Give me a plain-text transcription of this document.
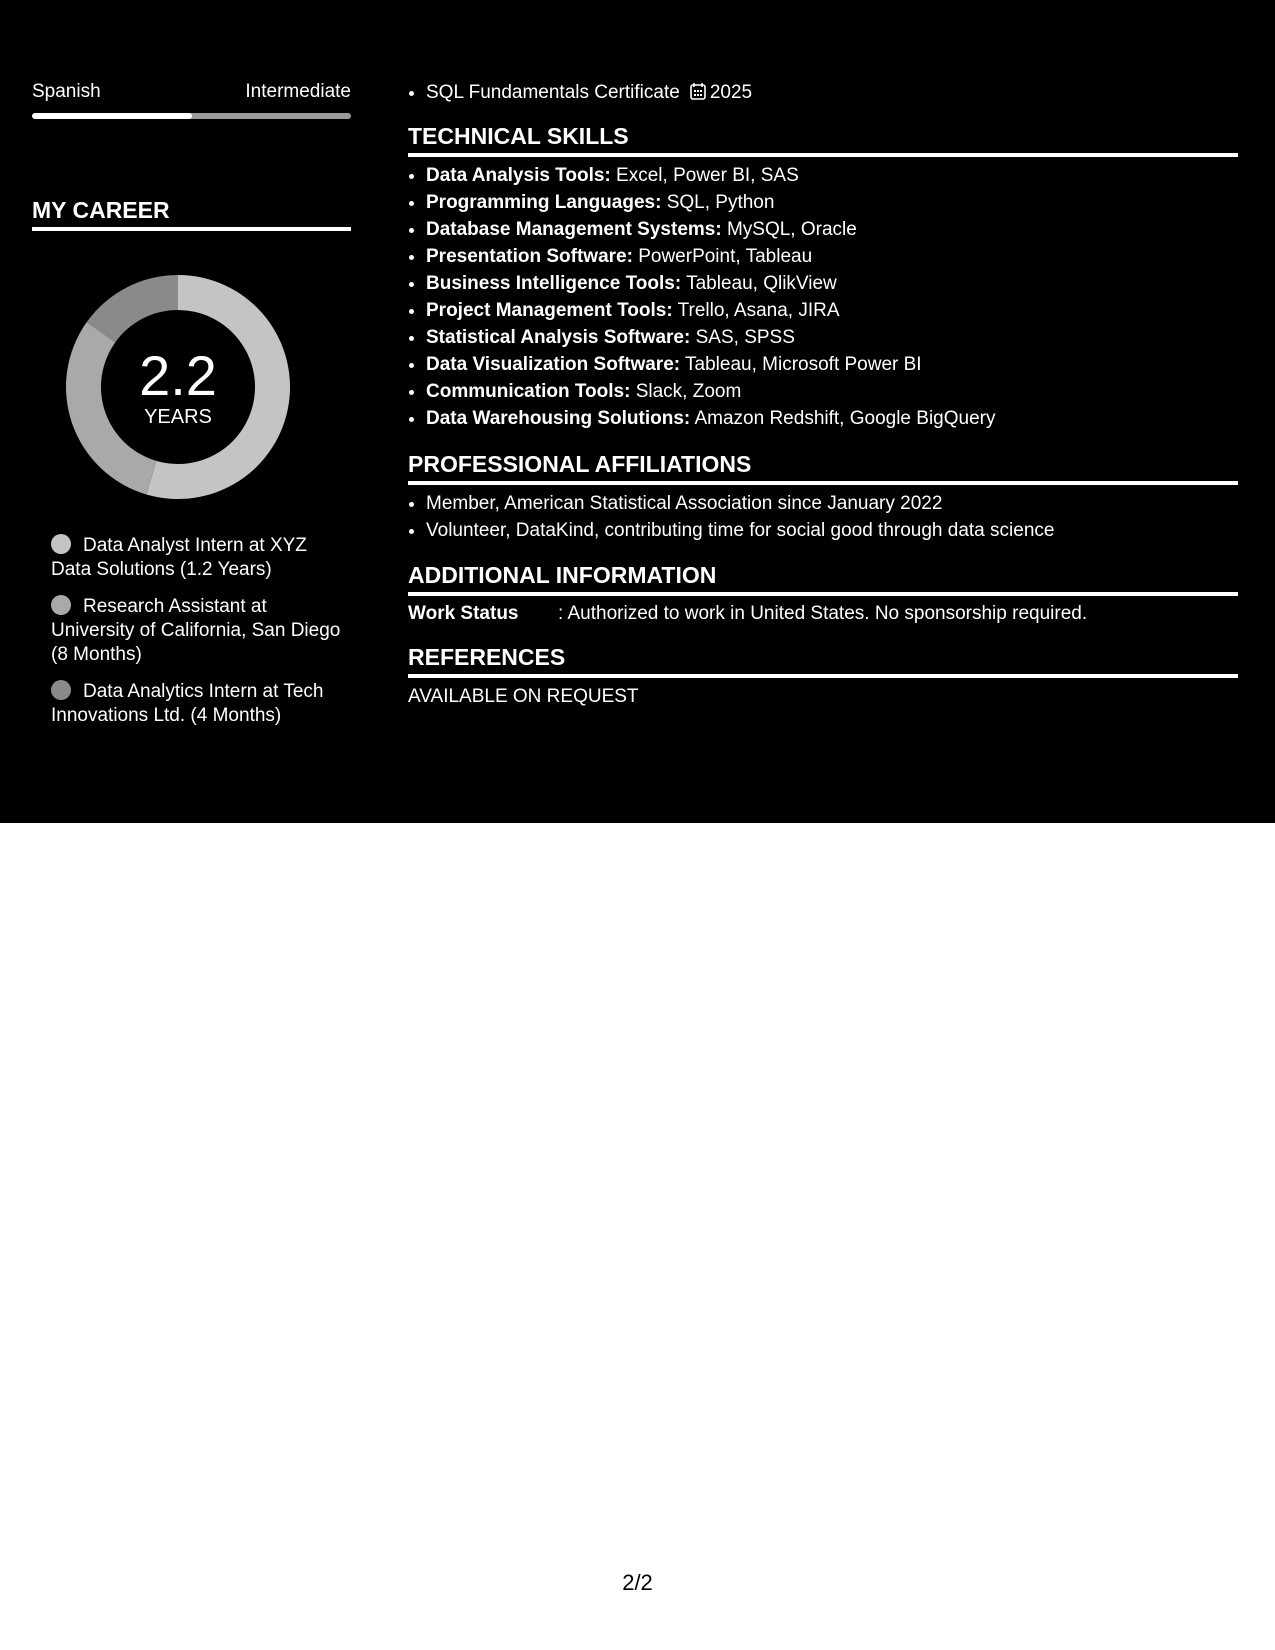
Spanish	Intermediate
MY CAREER
2.2
YEARS
Data Analyst Intern at XYZ Data Solutions (1.2 Years)
Research Assistant at University of California, San Diego (8 Months)
Data Analytics Intern at Tech Innovations Ltd. (4 Months)
• SQL Fundamentals Certificate 2025
TECHNICAL SKILLS
• Data Analysis Tools: Excel, Power BI, SAS
• Programming Languages: SQL, Python
• Database Management Systems: MySQL, Oracle
• Presentation Software: PowerPoint, Tableau
• Business Intelligence Tools: Tableau, QlikView
• Project Management Tools: Trello, Asana, JIRA
• Statistical Analysis Software: SAS, SPSS
• Data Visualization Software: Tableau, Microsoft Power BI
• Communication Tools: Slack, Zoom
• Data Warehousing Solutions: Amazon Redshift, Google BigQuery
PROFESSIONAL AFFILIATIONS
• Member, American Statistical Association since January 2022
• Volunteer, DataKind, contributing time for social good through data science
ADDITIONAL INFORMATION
Work Status	: Authorized to work in United States. No sponsorship required.
REFERENCES
AVAILABLE ON REQUEST
2/2
